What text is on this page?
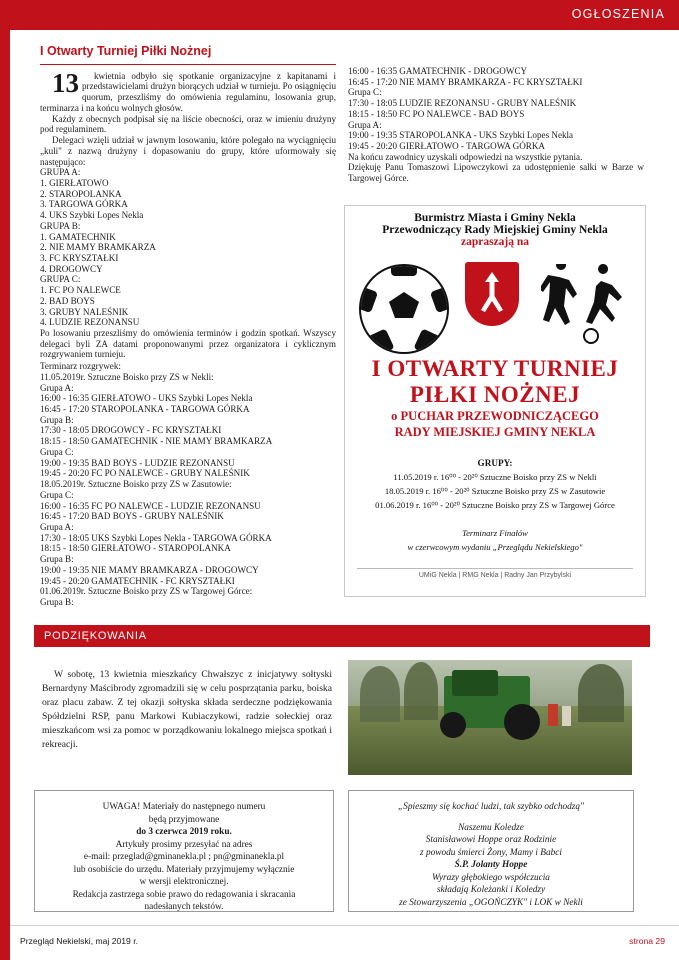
OGŁOSZENIA
I Otwarty Turniej Piłki Nożnej

13	kwietnia odbyło się spotkanie organizacyjne z kapitanami i przedstawicielami drużyn biorących udział w turnieju. Po osiągnięciu quorum, przeszliśmy do omówienia regulaminu, losowania grup, terminarza i na końcu wolnych głosów.

Każdy z obecnych podpisał się na liście obecności, oraz w imieniu drużyny pod regulaminem.

Delegaci wzięli udział w jawnym losowaniu, które polegało na wyciągnięciu „kuli" z nazwą drużyny i dopasowaniu do grupy, które uformowały się następująco:

GRUPA A:
1. GIERŁATOWO
2. STAROPOLANKA
3. TARGOWA GÓRKA
4. UKS Szybki Lopes Nekla
GRUPA B:
1. GAMATECHNIK
2. NIE MAMY BRAMKARZA
3. FC KRYSZTAŁKI
4. DROGOWCY
GRUPA C:
1. FC PO NALEWCE
2. BAD BOYS
3. GRUBY NALEŚNIK
4. LUDZIE REZONANSU

Po losowaniu przeszliśmy do omówienia terminów i godzin spotkań. Wszyscy delegaci byli ZA datami proponowanymi przez organizatora i cyklicznym rozgrywaniem turnieju.

Terminarz rozgrywek:
11.05.2019r. Sztuczne Boisko przy ZS w Nekli:
Grupa A:
16:00 - 16:35 GIERŁATOWO - UKS Szybki Lopes Nekla
16:45 - 17:20 STAROPOLANKA - TARGOWA GÓRKA
Grupa B:
17:30 - 18:05 DROGOWCY - FC KRYSZTAŁKI
18:15 - 18:50 GAMATECHNIK - NIE MAMY BRAMKARZA
Grupa C:
19:00 - 19:35 BAD BOYS - LUDZIE REZONANSU
19:45 - 20:20 FC PO NALEWCE - GRUBY NALEŚNIK
18.05.2019r. Sztuczne Boisko przy ZS w Zasutowie:
Grupa C:
16:00 - 16:35 FC PO NALEWCE - LUDZIE REZONANSU
16:45 - 17:20 BAD BOYS - GRUBY NALEŚNIK
Grupa A:
17:30 - 18:05 UKS Szybki Lopes Nekla - TARGOWA GÓRKA
18:15 - 18:50 GIERŁATOWO - STAROPOLANKA
Grupa B:
19:00 - 19:35 NIE MAMY BRAMKARZA - DROGOWCY
19:45 - 20:20 GAMATECHNIK - FC KRYSZTAŁKI
01.06.2019r. Sztuczne Boisko przy ZS w Targowej Górce:
Grupa B:
16:00 - 16:35 GAMATECHNIK - DROGOWCY
16:45 - 17:20 NIE MAMY BRAMKARZA - FC KRYSZTAŁKI
Grupa C:
17:30 - 18:05 LUDZIE REZONANSU - GRUBY NALEŚNIK
18:15 - 18:50 FC PO NALEWCE - BAD BOYS
Grupa A:
19:00 - 19:35 STAROPOLANKA - UKS Szybki Lopes Nekla
19:45 - 20:20 GIERŁATOWO - TARGOWA GÓRKA
Na końcu zawodnicy uzyskali odpowiedzi na wszystkie pytania.

Dziękuję Panu Tomaszowi Lipowczykowi za udostępnienie salki w Barze w Targowej Górce.

Burmistrz Miasta i Gminy Nekla
Przewodniczący Rady Miejskiej Gminy Nekla
zapraszają na
I OTWARTY TURNIEJ
PIŁKI NOŻNEJ
o PUCHAR PRZEWODNICZĄCEGO
RADY MIEJSKIEJ GMINY NEKLA
GRUPY:
11.05.2019 r. 16⁰⁰ - 20²⁰ Sztuczne Boisko przy ZS w Nekli
18.05.2019 r. 16⁰⁰ - 20²⁰ Sztuczne Boisko przy ZS w Zasutowie
01.06.2019 r. 16⁰⁰ - 20²⁰ Sztuczne Boisko przy ZS w Targowej Górce
Terminarz Finałów
w czerwcowym wydaniu „Przeglądu Nekielskiego"
UMiG Nekla | RMG Nekla | Radny Jan Przybylski
PODZIĘKOWANIA

W sobotę, 13 kwietnia mieszkańcy Chwałszyc z inicjatywy sołtyski Bernardyny Maścibrody zgromadzili się w celu posprzątania parku, boiska oraz placu zabaw. Z tej okazji sołtyska składa serdeczne podziękowania Spółdzielni RSP, panu Markowi Kubiaczykowi, radzie sołeckiej oraz mieszkańcom wsi za pomoc w porządkowaniu lokalnego miejsca spotkań i rekreacji.

UWAGA! Materiały do następnego numeru
będą przyjmowane
do 3 czerwca 2019 roku.
Artykuły prosimy przesyłać na adres
e-mail: przeglad@gminanekla.pl ; pn@gminanekla.pl
lub osobiście do urzędu. Materiały przyjmujemy wyłącznie
w wersji elektronicznej.
Redakcja zastrzega sobie prawo do redagowania i skracania
nadesłanych tekstów.
„Spieszmy się kochać ludzi, tak szybko odchodzą"
Naszemu Koledze
Stanisławowi Hoppe oraz Rodzinie
z powodu śmierci Żony, Mamy i Babci
Ś.P. Jolanty Hoppe
Wyrazy głębokiego współczucia
składają Koleżanki i Koledzy
ze Stowarzyszenia „OGOŃCZYK" i LOK w Nekli
Przegląd Nekielski, maj 2019 r.	strona 29
